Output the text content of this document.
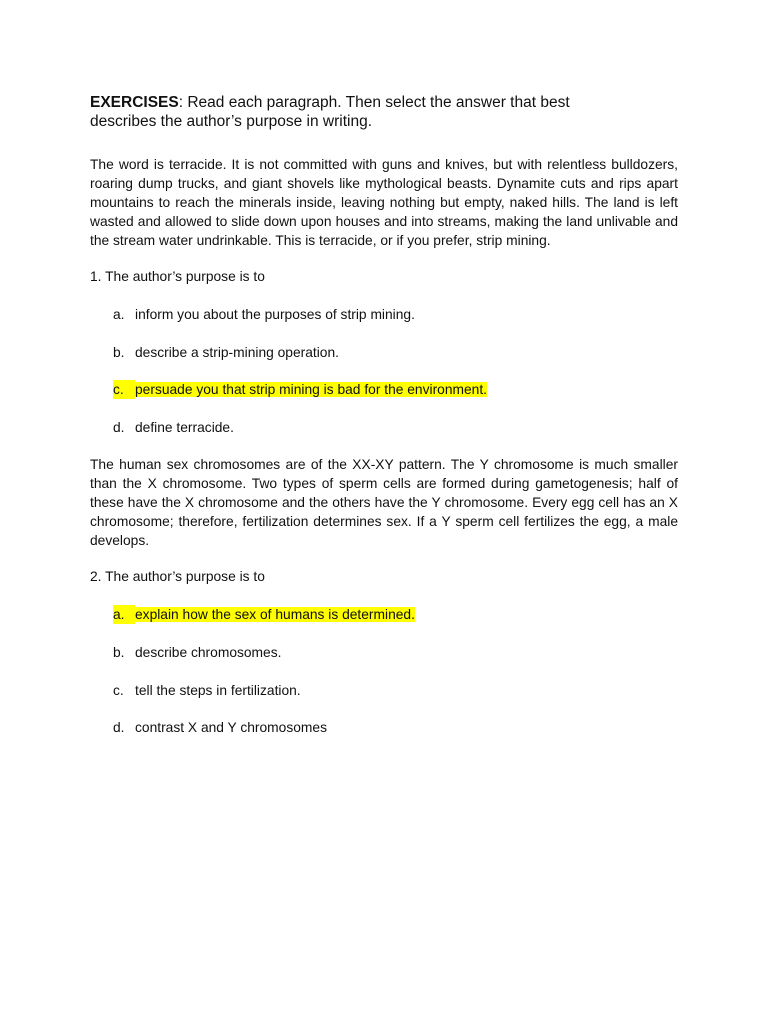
EXERCISES: Read each paragraph. Then select the answer that best describes the author’s purpose in writing.

The word is terracide. It is not committed with guns and knives, but with relentless bulldozers, roaring dump trucks, and giant shovels like mythological beasts. Dynamite cuts and rips apart mountains to reach the minerals inside, leaving nothing but empty, naked hills. The land is left wasted and allowed to slide down upon houses and into streams, making the land unlivable and the stream water undrinkable. This is terracide, or if you prefer, strip mining.

1. The author’s purpose is to

a. inform you about the purposes of strip mining.
b. describe a strip-mining operation.
c. persuade you that strip mining is bad for the environment.
d. define terracide.

The human sex chromosomes are of the XX-XY pattern. The Y chromosome is much smaller than the X chromosome. Two types of sperm cells are formed during gametogenesis; half of these have the X chromosome and the others have the Y chromosome. Every egg cell has an X chromosome; therefore, fertilization determines sex. If a Y sperm cell fertilizes the egg, a male develops.

2. The author’s purpose is to

a. explain how the sex of humans is determined.
b. describe chromosomes.
c. tell the steps in fertilization.
d. contrast X and Y chromosomes
